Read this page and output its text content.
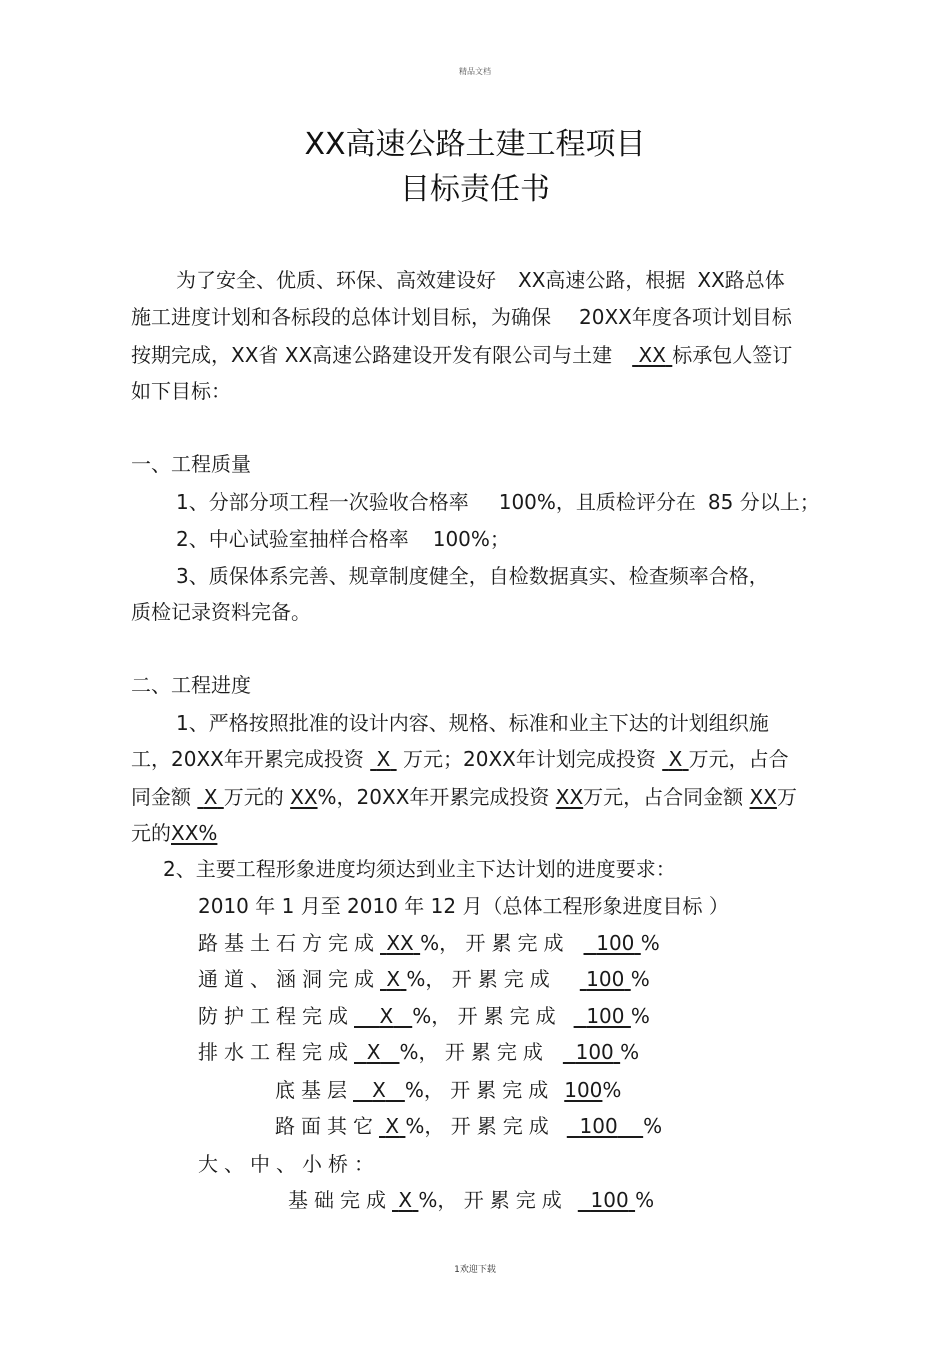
精品文档
XX高速公路土建工程项目
目标责任书
为了安全、优质、环保、高效建设好 XX高速公路，根据 XX路总体
施工进度计划和各标段的总体计划目标，为确保 20XX年度各项计划目标
按期完成，XX省 XX高速公路建设开发有限公司与土建 XX 标承包人签订
如下目标：
一、工程质量
1、分部分项工程一次验收合格率 100%，且质检评分在 85 分以上；
2、中心试验室抽样合格率 100%；
3、质保体系完善、规章制度健全，自检数据真实、检查频率合格，
质检记录资料完备。
二、工程进度
1、严格按照批准的设计内容、规格、标准和业主下达的计划组织施
工，20XX年开累完成投资 X 万元；20XX年计划完成投资 X 万元，占合
同金额 X 万元的 XX%，20XX年开累完成投资 XX万元，占合同金额 XX万
元的XX%
2、主要工程形象进度均须达到业主下达计划的进度要求：
2010 年 1 月至 2010 年 12 月（总体工程形象进度目标 ）
路基土石方完成 XX %， 开累完成 100 %
通道、涵洞完成 X %， 开累完成 100 %
防护工程完成 X %， 开累完成 100 %
排水工程完成 X %， 开累完成 100 %
底基层 X %， 开累完成 100%
路面其它 X %， 开累完成 100 %
大、中、小桥：
基础完成 X %， 开累完成 100 %
1欢迎下载
